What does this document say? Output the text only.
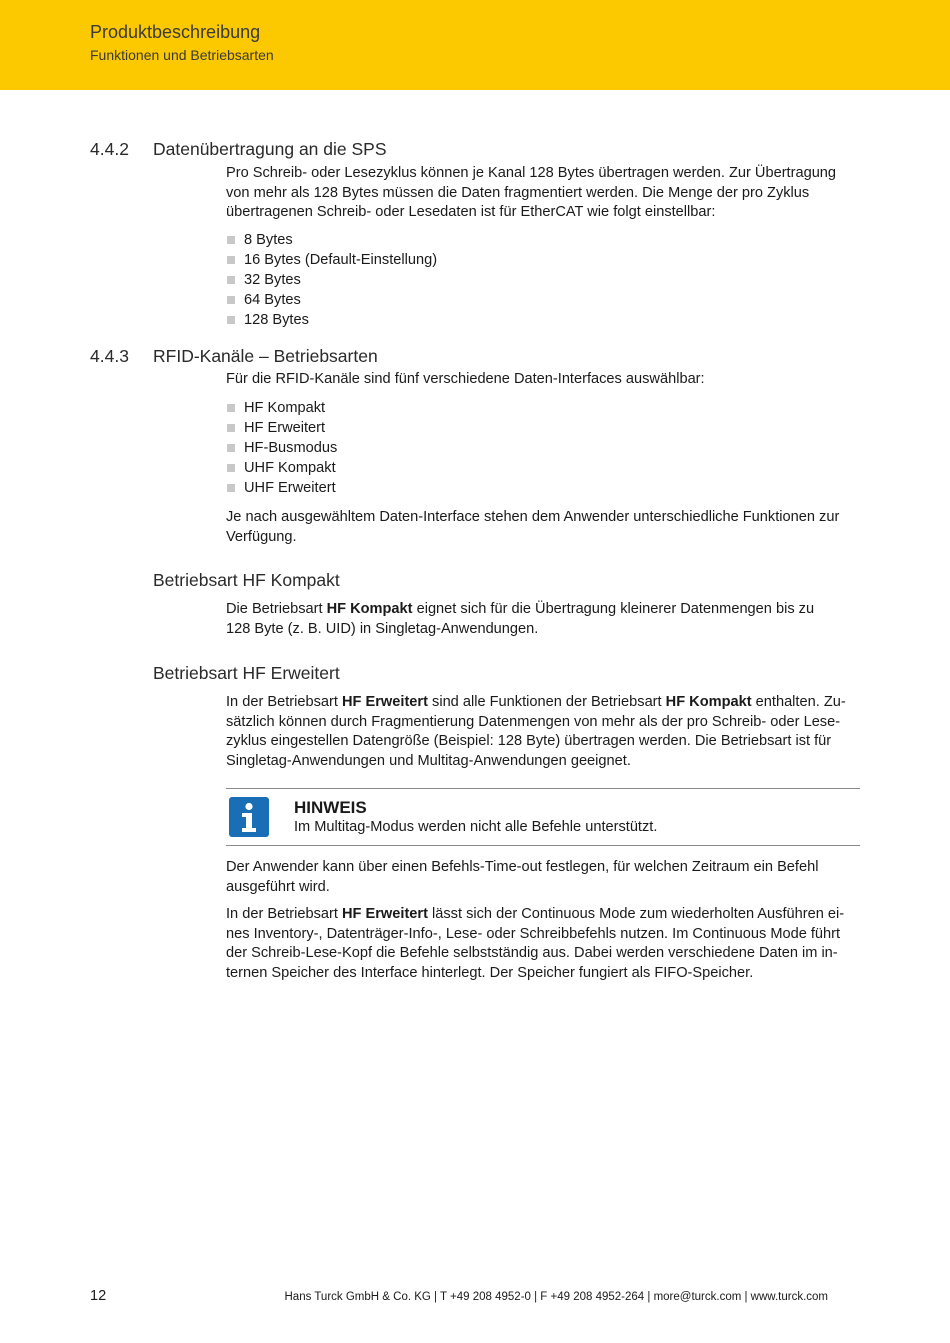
Produktbeschreibung
Funktionen und Betriebsarten
4.4.2 Datenübertragung an die SPS

Pro Schreib- oder Lesezyklus können je Kanal 128 Bytes übertragen werden. Zur Übertragung
von mehr als 128 Bytes müssen die Daten fragmentiert werden. Die Menge der pro Zyklus
übertragenen Schreib- oder Lesedaten ist für EtherCAT wie folgt einstellbar:

8 Bytes
16 Bytes (Default-Einstellung)
32 Bytes
64 Bytes
128 Bytes
4.4.3 RFID-Kanäle – Betriebsarten

Für die RFID-Kanäle sind fünf verschiedene Daten-Interfaces auswählbar:

HF Kompakt
HF Erweitert
HF-Busmodus
UHF Kompakt
UHF Erweitert

Je nach ausgewähltem Daten-Interface stehen dem Anwender unterschiedliche Funktionen zur
Verfügung.

Betriebsart HF Kompakt

Die Betriebsart HF Kompakt eignet sich für die Übertragung kleinerer Datenmengen bis zu
128 Byte (z. B. UID) in Singletag-Anwendungen.

Betriebsart HF Erweitert

In der Betriebsart HF Erweitert sind alle Funktionen der Betriebsart HF Kompakt enthalten. Zu-
sätzlich können durch Fragmentierung Datenmengen von mehr als der pro Schreib- oder Lese-
zyklus eingestellen Datengröße (Beispiel: 128 Byte) übertragen werden. Die Betriebsart ist für
Singletag-Anwendungen und Multitag-Anwendungen geeignet.

HINWEIS
Im Multitag-Modus werden nicht alle Befehle unterstützt.

Der Anwender kann über einen Befehls-Time-out festlegen, für welchen Zeitraum ein Befehl
ausgeführt wird.

In der Betriebsart HF Erweitert lässt sich der Continuous Mode zum wiederholten Ausführen ei-
nes Inventory-, Datenträger-Info-, Lese- oder Schreibbefehls nutzen. Im Continuous Mode führt
der Schreib-Lese-Kopf die Befehle selbstständig aus. Dabei werden verschiedene Daten im in-
ternen Speicher des Interface hinterlegt. Der Speicher fungiert als FIFO-Speicher.

12	Hans Turck GmbH & Co. KG | T +49 208 4952-0 | F +49 208 4952-264 | more@turck.com | www.turck.com
